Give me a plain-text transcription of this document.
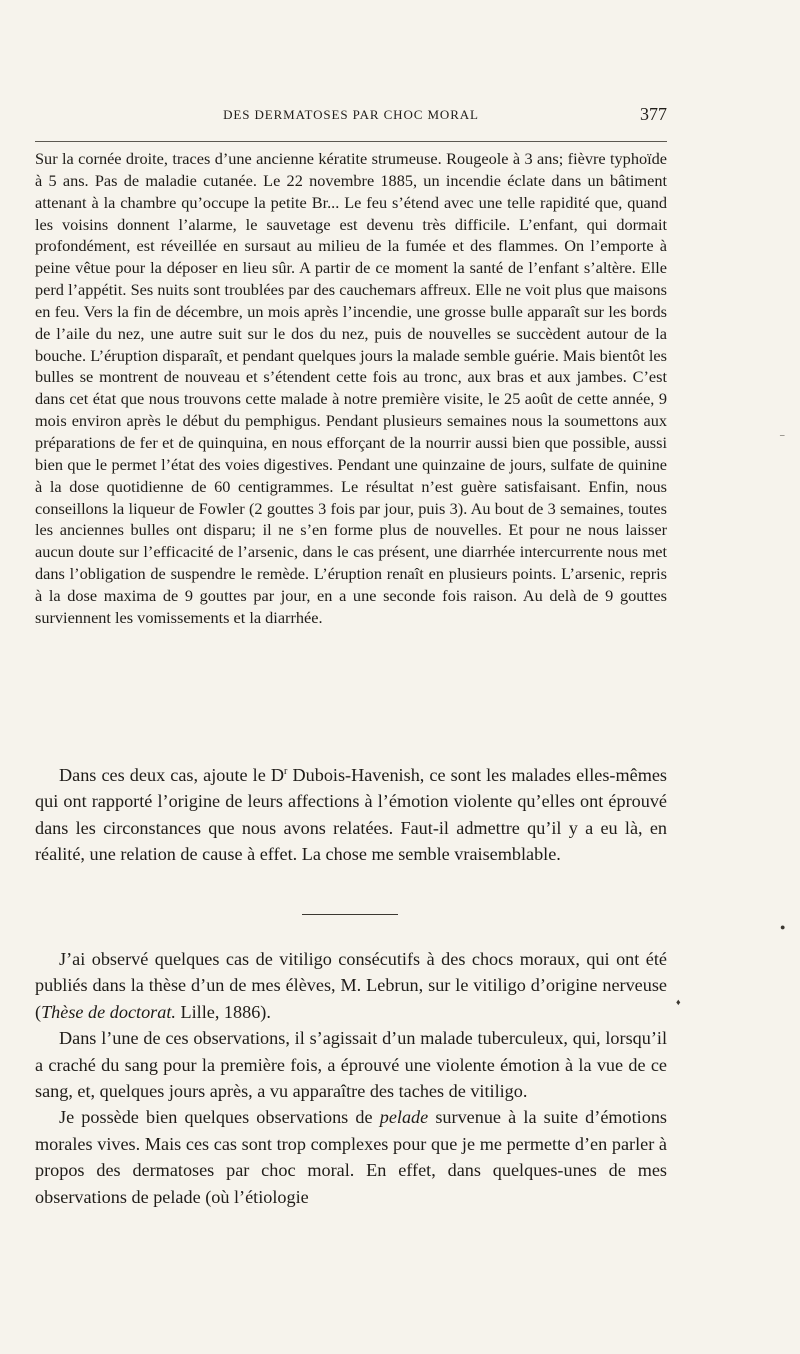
DES DERMATOSES PAR CHOC MORAL	377

Sur la cornée droite, traces d’une ancienne kératite strumeuse. Rougeole à 3 ans; fièvre typhoïde à 5 ans. Pas de maladie cutanée. Le 22 novembre 1885, un incendie éclate dans un bâtiment attenant à la chambre qu’occupe la petite Br... Le feu s’étend avec une telle rapidité que, quand les voisins donnent l’alarme, le sauvetage est devenu très difficile. L’enfant, qui dormait profondément, est réveillée en sursaut au milieu de la fumée et des flammes. On l’emporte à peine vêtue pour la déposer en lieu sûr. A partir de ce moment la santé de l’enfant s’altère. Elle perd l’appétit. Ses nuits sont troublées par des cauchemars affreux. Elle ne voit plus que maisons en feu. Vers la fin de décembre, un mois après l’incendie, une grosse bulle apparaît sur les bords de l’aile du nez, une autre suit sur le dos du nez, puis de nouvelles se succèdent autour de la bouche. L’éruption disparaît, et pendant quelques jours la malade semble guérie. Mais bientôt les bulles se montrent de nouveau et s’étendent cette fois au tronc, aux bras et aux jambes. C’est dans cet état que nous trouvons cette malade à notre première visite, le 25 août de cette année, 9 mois environ après le début du pemphigus. Pendant plusieurs semaines nous la soumettons aux préparations de fer et de quinquina, en nous efforçant de la nourrir aussi bien que possible, aussi bien que le permet l’état des voies digestives. Pendant une quinzaine de jours, sulfate de quinine à la dose quotidienne de 60 centigrammes. Le résultat n’est guère satisfaisant. Enfin, nous conseillons la liqueur de Fowler (2 gouttes 3 fois par jour, puis 3). Au bout de 3 semaines, toutes les anciennes bulles ont disparu; il ne s’en forme plus de nouvelles. Et pour ne nous laisser aucun doute sur l’efficacité de l’arsenic, dans le cas présent, une diarrhée intercurrente nous met dans l’obligation de suspendre le remède. L’éruption renaît en plusieurs points. L’arsenic, repris à la dose maxima de 9 gouttes par jour, en a une seconde fois raison. Au delà de 9 gouttes surviennent les vomissements et la diarrhée.

Dans ces deux cas, ajoute le $D^r$ Dubois-Havenish, ce sont les malades elles-mêmes qui ont rapporté l’origine de leurs affections à l’émotion violente qu’elles ont éprouvé dans les circonstances que nous avons relatées. Faut-il admettre qu’il y a eu là, en réalité, une relation de cause à effet. La chose me semble vraisemblable.

J’ai observé quelques cas de vitiligo consécutifs à des chocs moraux, qui ont été publiés dans la thèse d’un de mes élèves, M. Lebrun, sur le vitiligo d’origine nerveuse (Thèse de doctorat. Lille, 1886).

Dans l’une de ces observations, il s’agissait d’un malade tuberculeux, qui, lorsqu’il a craché du sang pour la première fois, a éprouvé une violente émotion à la vue de ce sang, et, quelques jours après, a vu apparaître des taches de vitiligo.

Je possède bien quelques observations de pelade survenue à la suite d’émotions morales vives. Mais ces cas sont trop complexes pour que je me permette d’en parler à propos des dermatoses par choc moral. En effet, dans quelques-unes de mes observations de pelade (où l’étiologie

♦
●
–
